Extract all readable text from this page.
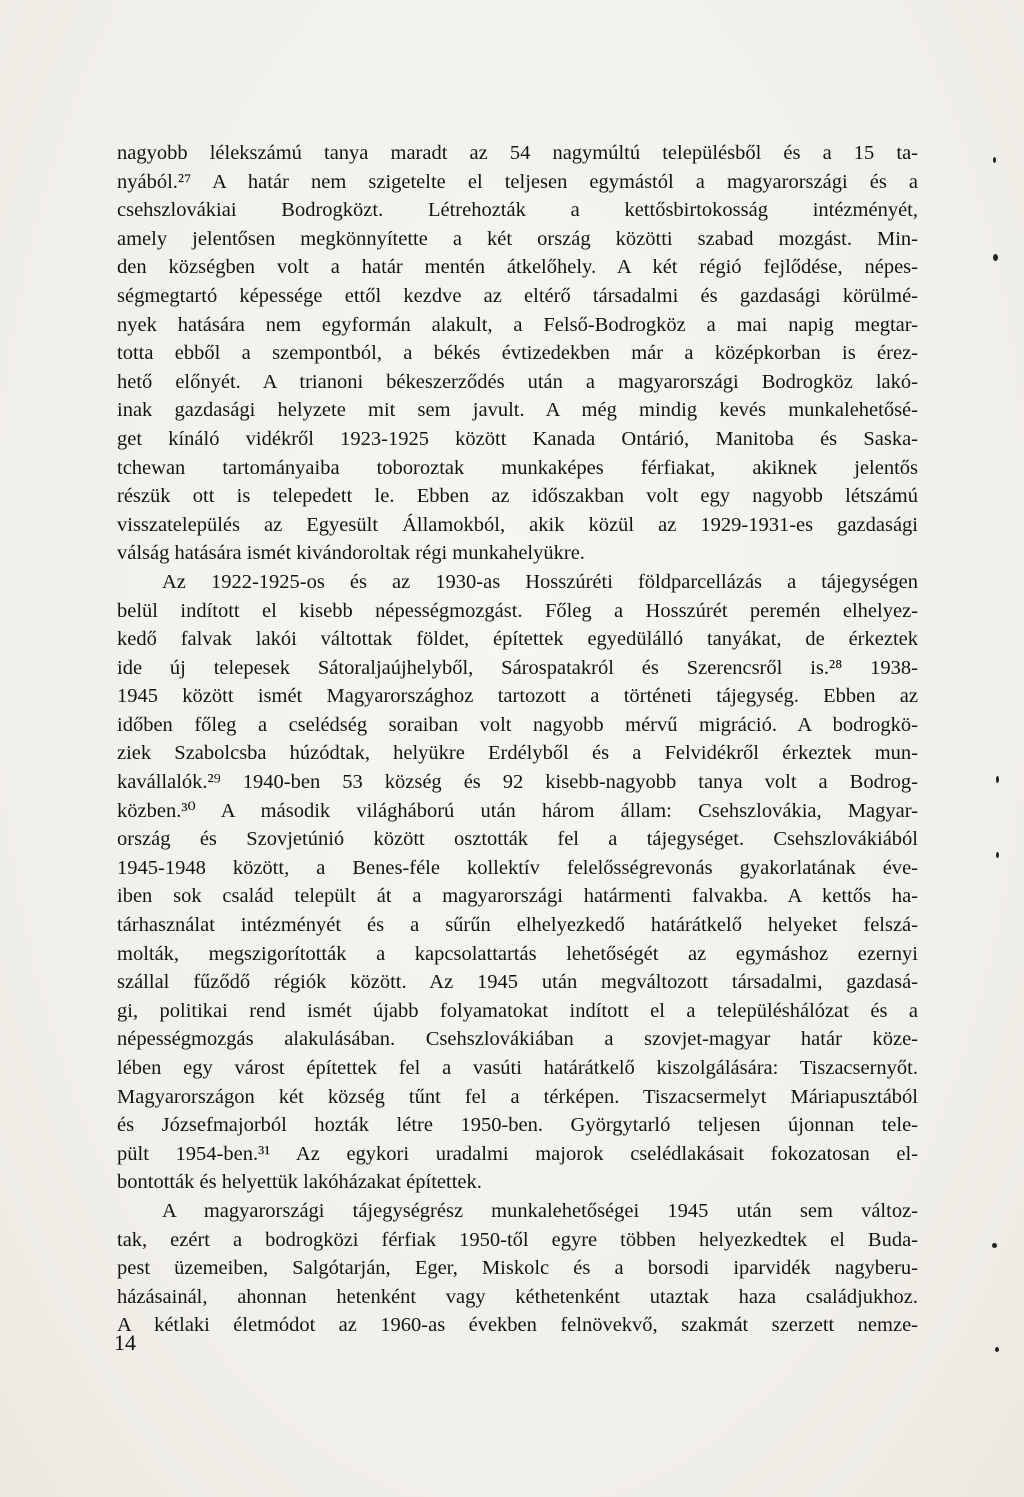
nagyobb lélekszámú tanya maradt az 54 nagymúltú településből és a 15 ta-
nyából.²⁷ A határ nem szigetelte el teljesen egymástól a magyarországi és a
csehszlovákiai Bodrogközt. Létrehozták a kettősbirtokosság intézményét,
amely jelentősen megkönnyítette a két ország közötti szabad mozgást. Min-
den községben volt a határ mentén átkelőhely. A két régió fejlődése, népes-
ségmegtartó képessége ettől kezdve az eltérő társadalmi és gazdasági körülmé-
nyek hatására nem egyformán alakult, a Felső-Bodrogköz a mai napig megtar-
totta ebből a szempontból, a békés évtizedekben már a középkorban is érez-
hető előnyét. A trianoni békeszerződés után a magyarországi Bodrogköz lakó-
inak gazdasági helyzete mit sem javult. A még mindig kevés munkalehetősé-
get kínáló vidékről 1923-1925 között Kanada Ontárió, Manitoba és Saska-
tchewan tartományaiba toboroztak munkaképes férfiakat, akiknek jelentős
részük ott is telepedett le. Ebben az időszakban volt egy nagyobb létszámú
visszatelepülés az Egyesült Államokból, akik közül az 1929-1931-es gazdasági
válság hatására ismét kivándoroltak régi munkahelyükre.
Az 1922-1925-os és az 1930-as Hosszúréti földparcellázás a tájegységen
belül indított el kisebb népességmozgást. Főleg a Hosszúrét peremén elhelyez-
kedő falvak lakói váltottak földet, építettek egyedülálló tanyákat, de érkeztek
ide új telepesek Sátoraljaújhelyből, Sárospatakról és Szerencsről is.²⁸ 1938-
1945 között ismét Magyarországhoz tartozott a történeti tájegység. Ebben az
időben főleg a cselédség soraiban volt nagyobb mérvű migráció. A bodrogkö-
ziek Szabolcsba húzódtak, helyükre Erdélyből és a Felvidékről érkeztek mun-
kavállalók.²⁹ 1940-ben 53 község és 92 kisebb-nagyobb tanya volt a Bodrog-
közben.³⁰ A második világháború után három állam: Csehszlovákia, Magyar-
ország és Szovjetúnió között osztották fel a tájegységet. Csehszlovákiából
1945-1948 között, a Benes-féle kollektív felelősségrevonás gyakorlatának éve-
iben sok család települt át a magyarországi határmenti falvakba. A kettős ha-
tárhasználat intézményét és a sűrűn elhelyezkedő határátkelő helyeket felszá-
molták, megszigorították a kapcsolattartás lehetőségét az egymáshoz ezernyi
szállal fűződő régiók között. Az 1945 után megváltozott társadalmi, gazdasá-
gi, politikai rend ismét újabb folyamatokat indított el a településhálózat és a
népességmozgás alakulásában. Csehszlovákiában a szovjet-magyar határ köze-
lében egy várost építettek fel a vasúti határátkelő kiszolgálására: Tiszacsernyőt.
Magyarországon két község tűnt fel a térképen. Tiszacsermelyt Máriapusztából
és Józsefmajorból hozták létre 1950-ben. Györgytarló teljesen újonnan tele-
pült 1954-ben.³¹ Az egykori uradalmi majorok cselédlakásait fokozatosan el-
bontották és helyettük lakóházakat építettek.
A magyarországi tájegységrész munkalehetőségei 1945 után sem változ-
tak, ezért a bodrogközi férfiak 1950-től egyre többen helyezkedtek el Buda-
pest üzemeiben, Salgótarján, Eger, Miskolc és a borsodi iparvidék nagyberu-
házásainál, ahonnan hetenként vagy kéthetenként utaztak haza családjukhoz.
A kétlaki életmódot az 1960-as években felnövekvő, szakmát szerzett nemze-
14
